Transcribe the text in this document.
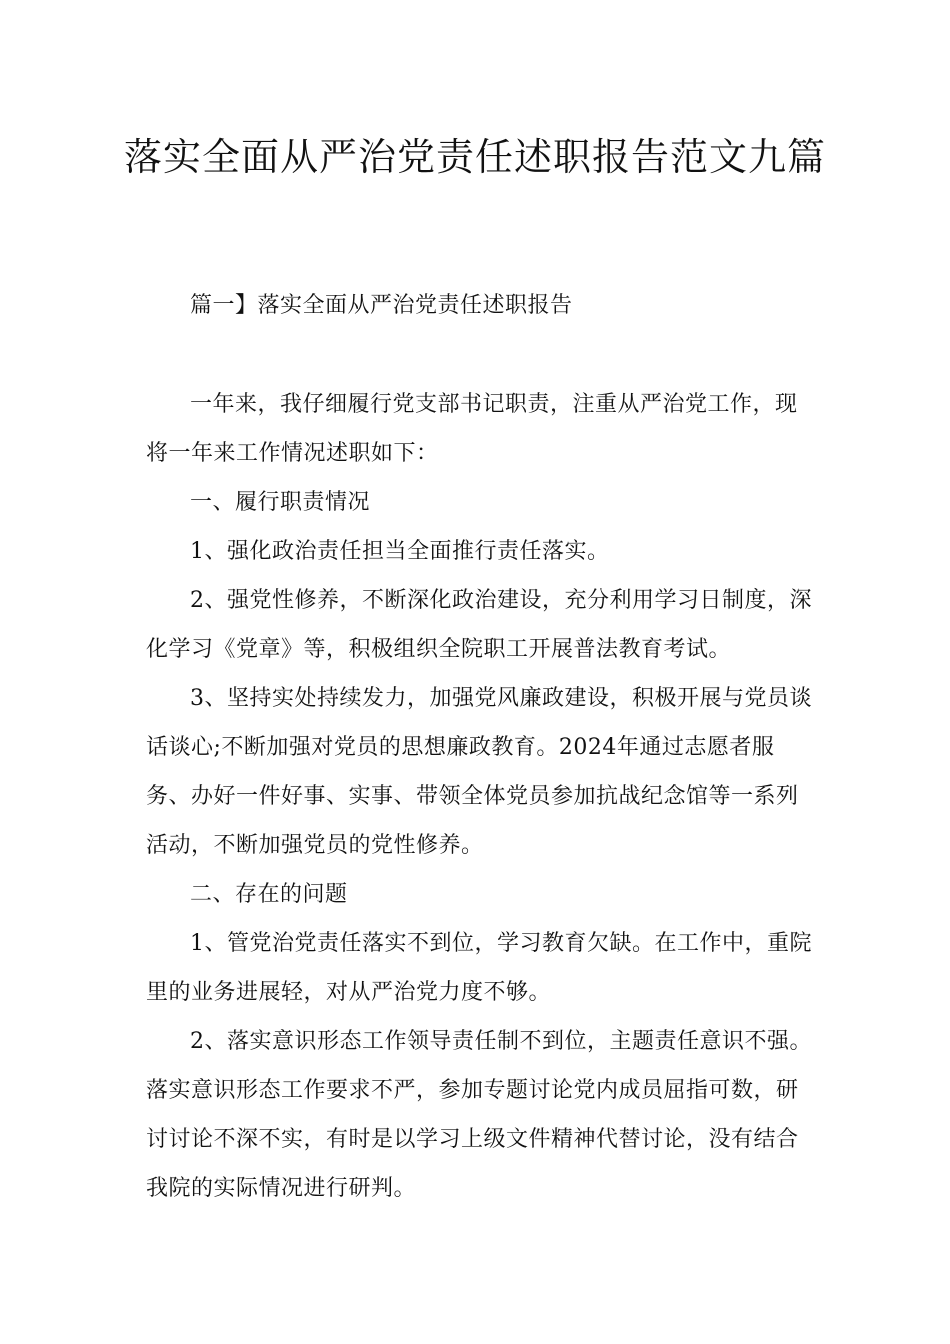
落实全面从严治党责任述职报告范文九篇

篇一】落实全面从严治党责任述职报告

一年来，我仔细履行党支部书记职责，注重从严治党工作，现将一年来工作情况述职如下：

一、履行职责情况

1、强化政治责任担当全面推行责任落实。

2、强党性修养，不断深化政治建设，充分利用学习日制度，深化学习《党章》等，积极组织全院职工开展普法教育考试。

3、坚持实处持续发力，加强党风廉政建设，积极开展与党员谈话谈心;不断加强对党员的思想廉政教育。2024年通过志愿者服务、办好一件好事、实事、带领全体党员参加抗战纪念馆等一系列活动，不断加强党员的党性修养。

二、存在的问题

1、管党治党责任落实不到位，学习教育欠缺。在工作中，重院里的业务进展轻，对从严治党力度不够。

2、落实意识形态工作领导责任制不到位，主题责任意识不强。落实意识形态工作要求不严，参加专题讨论党内成员屈指可数，研讨讨论不深不实，有时是以学习上级文件精神代替讨论，没有结合我院的实际情况进行研判。
